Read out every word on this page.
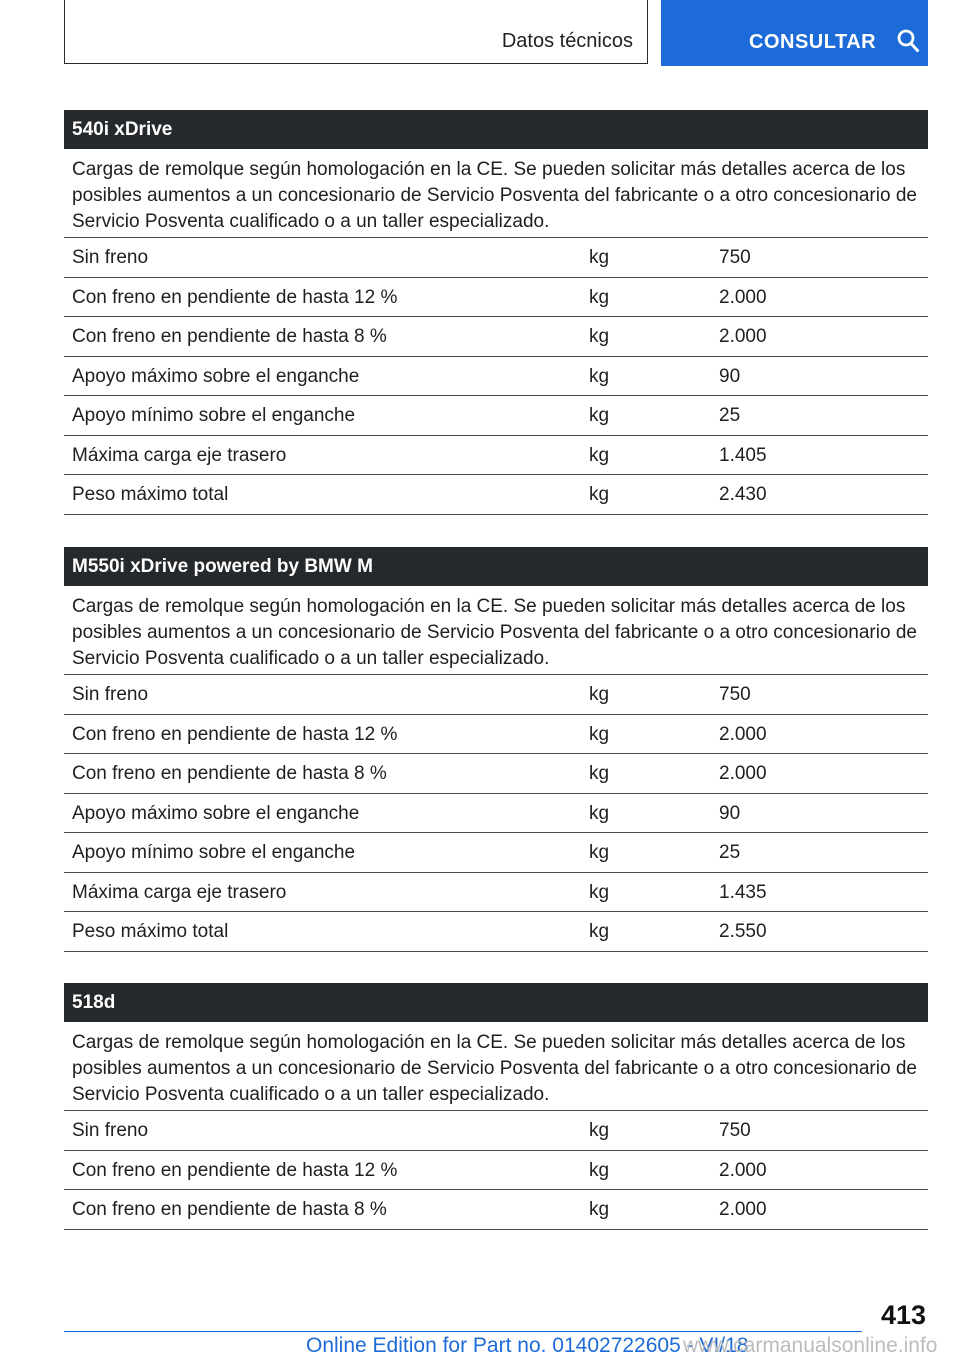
Datos técnicos	CONSULTAR
540i xDrive
Cargas de remolque según homologación en la CE. Se pueden solicitar más detalles acerca de los posibles aumentos a un concesionario de Servicio Posventa del fabricante o a otro concesionario de Servicio Posventa cualificado o a un taller especializado.
Sin freno	kg	750
Con freno en pendiente de hasta 12 %	kg	2.000
Con freno en pendiente de hasta 8 %	kg	2.000
Apoyo máximo sobre el enganche	kg	90
Apoyo mínimo sobre el enganche	kg	25
Máxima carga eje trasero	kg	1.405
Peso máximo total	kg	2.430
M550i xDrive powered by BMW M
Cargas de remolque según homologación en la CE. Se pueden solicitar más detalles acerca de los posibles aumentos a un concesionario de Servicio Posventa del fabricante o a otro concesionario de Servicio Posventa cualificado o a un taller especializado.
Sin freno	kg	750
Con freno en pendiente de hasta 12 %	kg	2.000
Con freno en pendiente de hasta 8 %	kg	2.000
Apoyo máximo sobre el enganche	kg	90
Apoyo mínimo sobre el enganche	kg	25
Máxima carga eje trasero	kg	1.435
Peso máximo total	kg	2.550
518d
Cargas de remolque según homologación en la CE. Se pueden solicitar más detalles acerca de los posibles aumentos a un concesionario de Servicio Posventa del fabricante o a otro concesionario de Servicio Posventa cualificado o a un taller especializado.
Sin freno	kg	750
Con freno en pendiente de hasta 12 %	kg	2.000
Con freno en pendiente de hasta 8 %	kg	2.000
413
Online Edition for Part no. 01402722605 - VI/18
www.carmanualsonline.info
